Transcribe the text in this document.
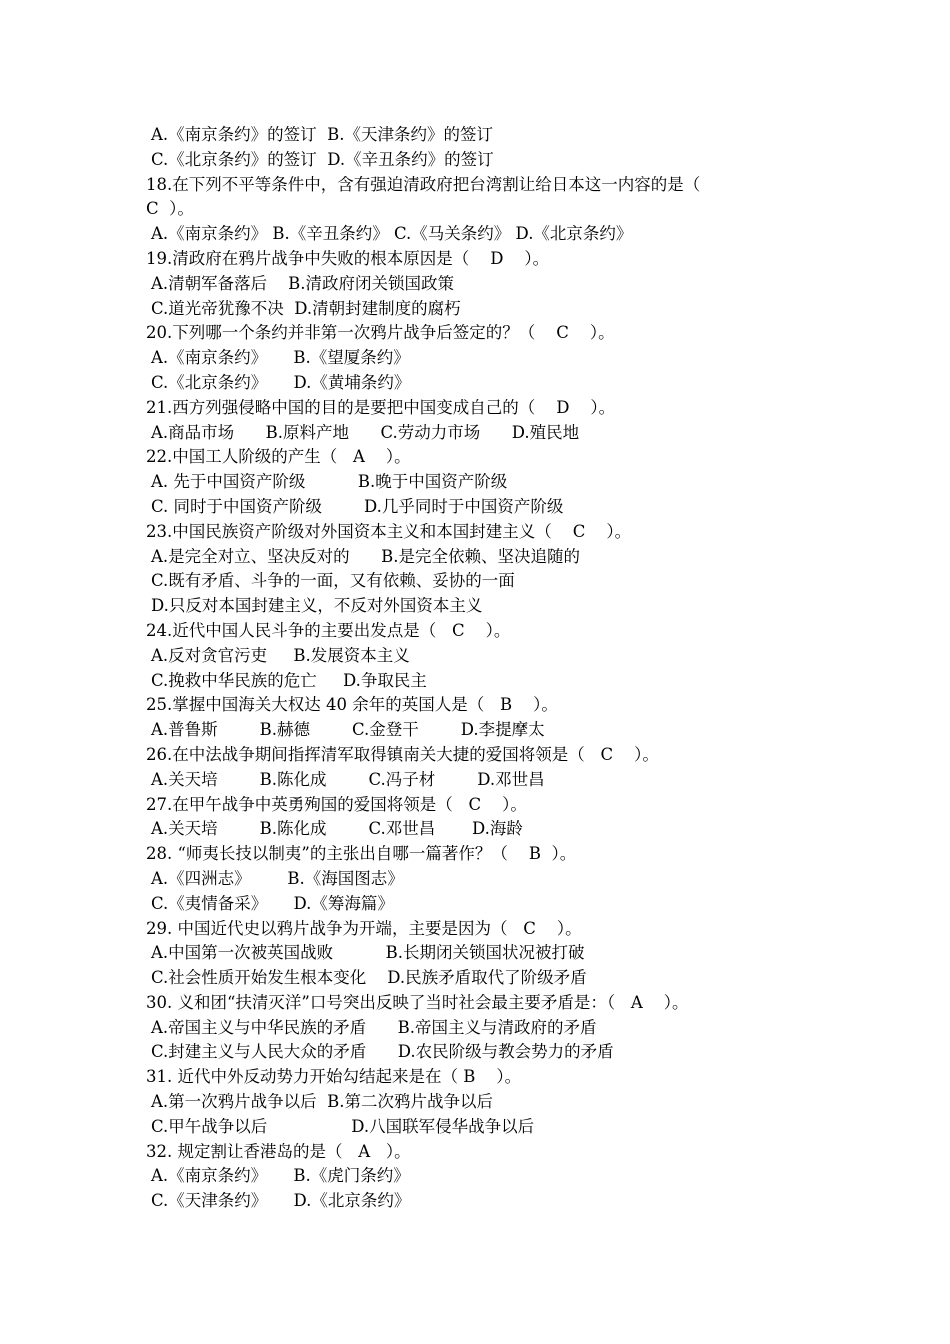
A.《南京条约》的签订  B.《天津条约》的签订
C.《北京条约》的签订  D.《辛丑条约》的签订
18.在下列不平等条件中，含有强迫清政府把台湾割让给日本这一内容的是（
C  ）。
A.《南京条约》 B.《辛丑条约》 C.《马关条约》 D.《北京条约》
19.清政府在鸦片战争中失败的根本原因是（    D    ）。
A.清朝军备落后    B.清政府闭关锁国政策
C.道光帝犹豫不决  D.清朝封建制度的腐朽
20.下列哪一个条约并非第一次鸦片战争后签定的？（    C    ）。
A.《南京条约》     B.《望厦条约》
C.《北京条约》     D.《黄埔条约》
21.西方列强侵略中国的目的是要把中国变成自己的（    D    ）。
A.商品市场      B.原料产地      C.劳动力市场      D.殖民地
22.中国工人阶级的产生（   A    ）。
A. 先于中国资产阶级          B.晚于中国资产阶级
C. 同时于中国资产阶级        D.几乎同时于中国资产阶级
23.中国民族资产阶级对外国资本主义和本国封建主义（    C    ）。
A.是完全对立、坚决反对的      B.是完全依赖、坚决追随的
C.既有矛盾、斗争的一面，又有依赖、妥协的一面
D.只反对本国封建主义，不反对外国资本主义
24.近代中国人民斗争的主要出发点是（   C    ）。
A.反对贪官污吏     B.发展资本主义
C.挽救中华民族的危亡     D.争取民主
25.掌握中国海关大权达 40 余年的英国人是（   B    ）。
A.普鲁斯        B.赫德        C.金登干        D.李提摩太
26.在中法战争期间指挥清军取得镇南关大捷的爱国将领是（   C    ）。
A.关天培        B.陈化成        C.冯子材        D.邓世昌
27.在甲午战争中英勇殉国的爱国将领是（   C    ）。
A.关天培        B.陈化成        C.邓世昌       D.海龄
28. “师夷长技以制夷”的主张出自哪一篇著作？（    B  ）。
A.《四洲志》       B.《海国图志》
C.《夷情备采》     D.《筹海篇》
29. 中国近代史以鸦片战争为开端，主要是因为（   C    ）。
A.中国第一次被英国战败          B.长期闭关锁国状况被打破
C.社会性质开始发生根本变化    D.民族矛盾取代了阶级矛盾
30. 义和团“扶清灭洋”口号突出反映了当时社会最主要矛盾是：（   A    ）。
A.帝国主义与中华民族的矛盾      B.帝国主义与清政府的矛盾
C.封建主义与人民大众的矛盾      D.农民阶级与教会势力的矛盾
31. 近代中外反动势力开始勾结起来是在（ B    ）。
A.第一次鸦片战争以后  B.第二次鸦片战争以后
C.甲午战争以后                D.八国联军侵华战争以后
32. 规定割让香港岛的是（   A   ）。
A.《南京条约》     B.《虎门条约》
C.《天津条约》     D.《北京条约》
